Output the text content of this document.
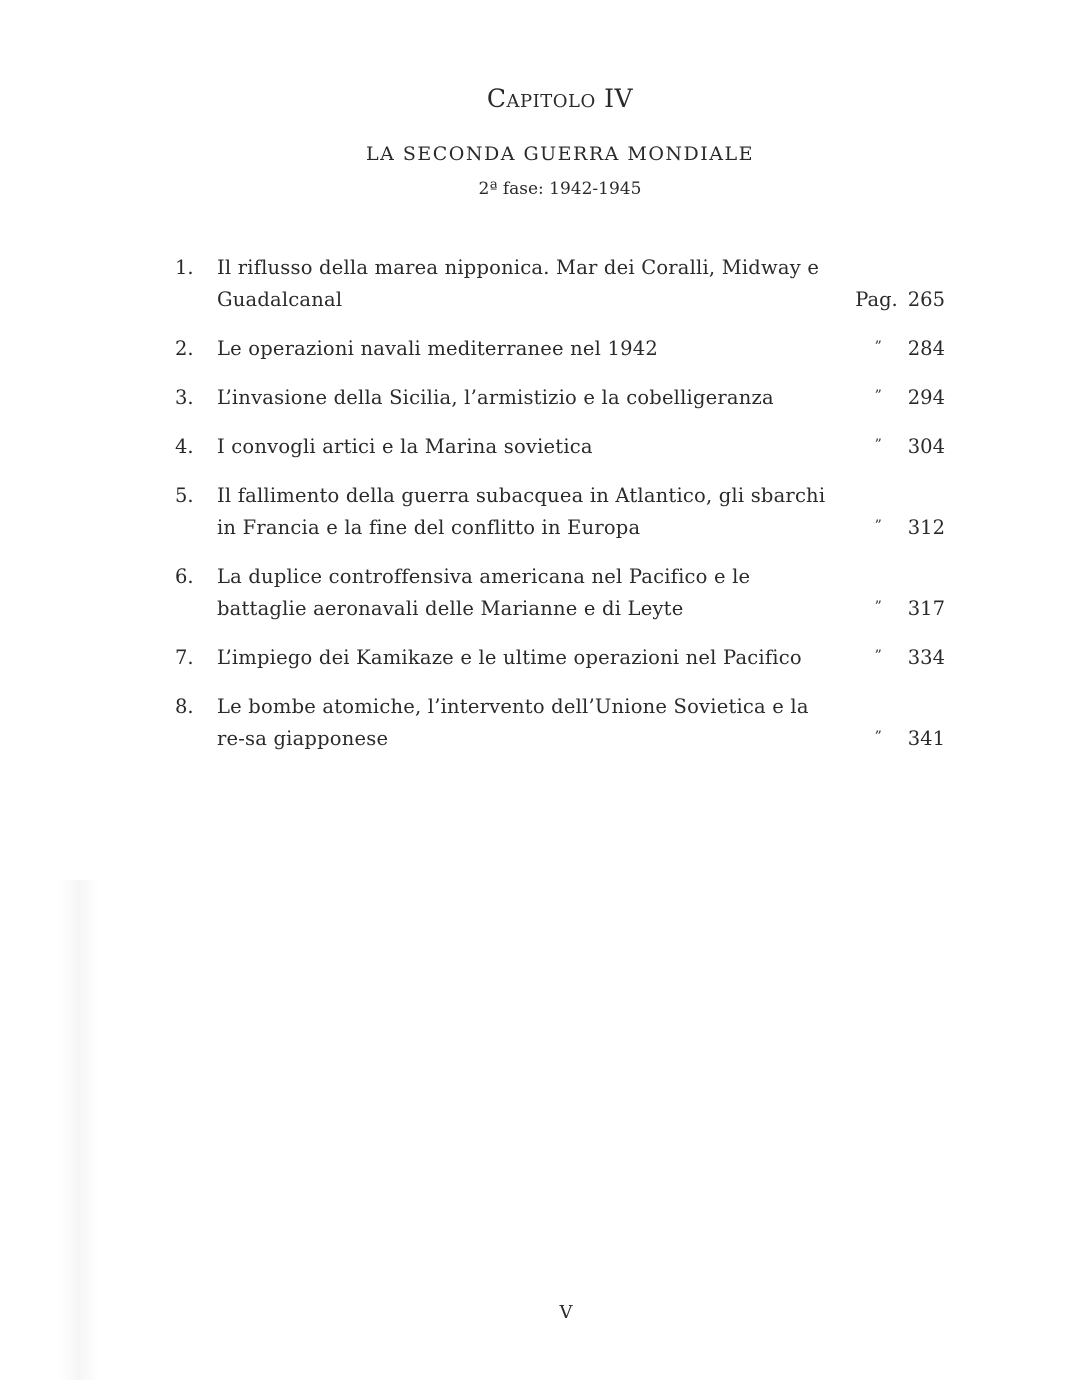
Capitolo IV
LA SECONDA GUERRA MONDIALE
2ª fase: 1942-1945
1.	Il riflusso della marea nipponica. Mar dei Coralli, Midway e Guadalcanal	Pag. 265
2.	Le operazioni navali mediterranee nel 1942	” 284
3.	L’invasione della Sicilia, l’armistizio e la cobelligeranza	” 294
4.	I convogli artici e la Marina sovietica	” 304
5.	Il fallimento della guerra subacquea in Atlantico, gli sbarchi in Francia e la fine del conflitto in Europa	” 312
6.	La duplice controffensiva americana nel Pacifico e le battaglie aeronavali delle Marianne e di Leyte	” 317
7.	L’impiego dei Kamikaze e le ultime operazioni nel Pacifico	” 334
8.	Le bombe atomiche, l’intervento dell’Unione Sovietica e la re-sa giapponese	” 341
V
